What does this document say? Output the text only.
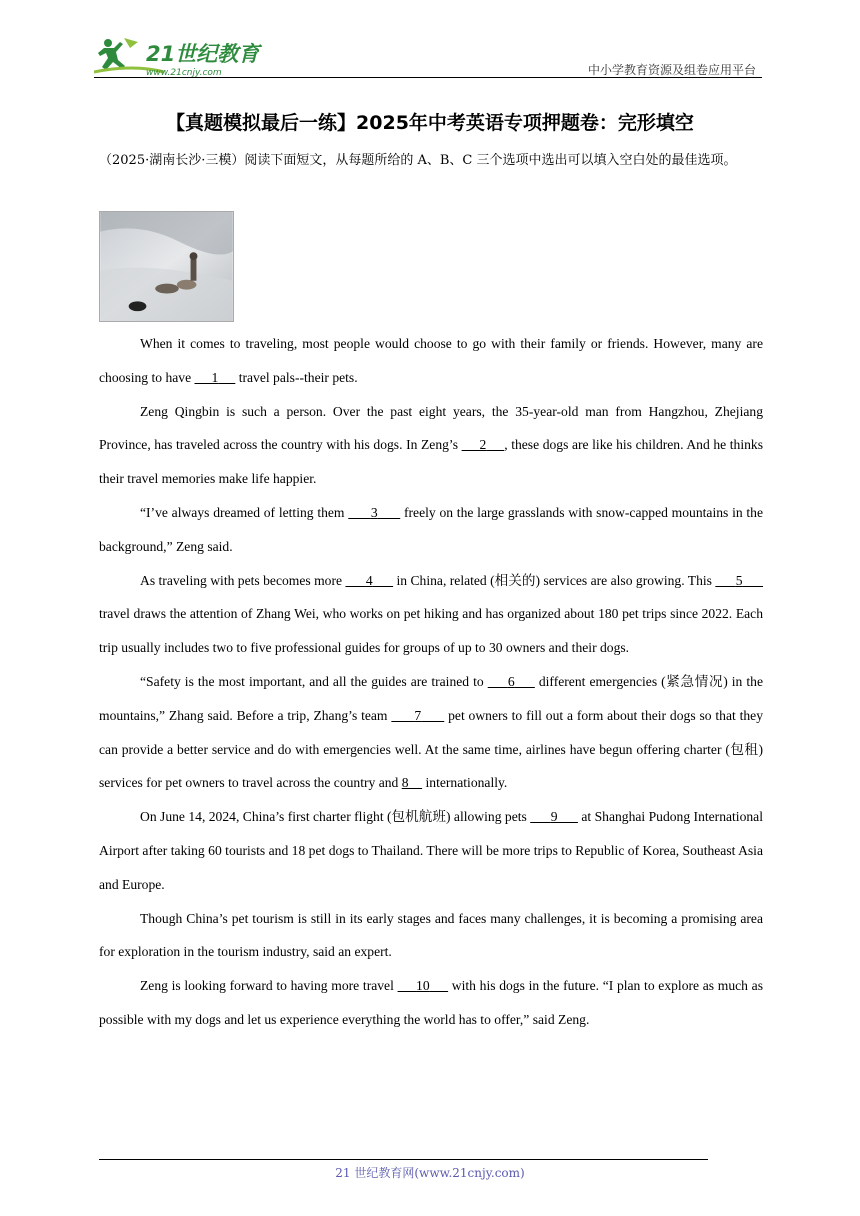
21世纪教育
www.21cnjy.com	中小学教育资源及组卷应用平台
【真题模拟最后一练】2025年中考英语专项押题卷：完形填空
（2025·湖南长沙·三模）阅读下面短文，从每题所给的 A、B、C 三个选项中选出可以填入空白处的最佳选项。

When it comes to traveling, most people would choose to go with their family or friends. However, many are choosing to have      1      travel pals--their pets.

Zeng Qingbin is such a person. Over the past eight years, the 35-year-old man from Hangzhou, Zhejiang Province, has traveled across the country with his dogs. In Zeng’s      2 , these dogs are like his children. And he thinks their travel memories make life happier.

“I’ve always dreamed of letting them       3       freely on the large grasslands with snow-capped mountains in the background,” Zeng said.

As traveling with pets becomes more       4       in China, related (相关的) services are also growing. This       5       travel draws the attention of Zhang Wei, who works on pet hiking and has organized about 180 pet trips since 2022. Each trip usually includes two to five professional guides for groups of up to 30 owners and their dogs.

“Safety is the most important, and all the guides are trained to      6      different emergencies (紧急情况) in the mountains,” Zhang said. Before a trip, Zhang’s team       7       pet owners to fill out a form about their dogs so that they can provide a better service and do with emergencies well. At the same time, airlines have begun offering charter (包租) services for pet owners to travel across the country and 8     internationally.

On June 14, 2024, China’s first charter flight (包机航班) allowing pets       9       at Shanghai Pudong International Airport after taking 60 tourists and 18 pet dogs to Thailand. There will be more trips to Republic of Korea, Southeast Asia and Europe.

Though China’s pet tourism is still in its early stages and faces many challenges, it is becoming a promising area for exploration in the tourism industry, said an expert.

Zeng is looking forward to having more travel      10      with his dogs in the future. “I plan to explore as much as possible with my dogs and let us experience everything the world has to offer,” said Zeng.

21 世纪教育网(www.21cnjy.com)
